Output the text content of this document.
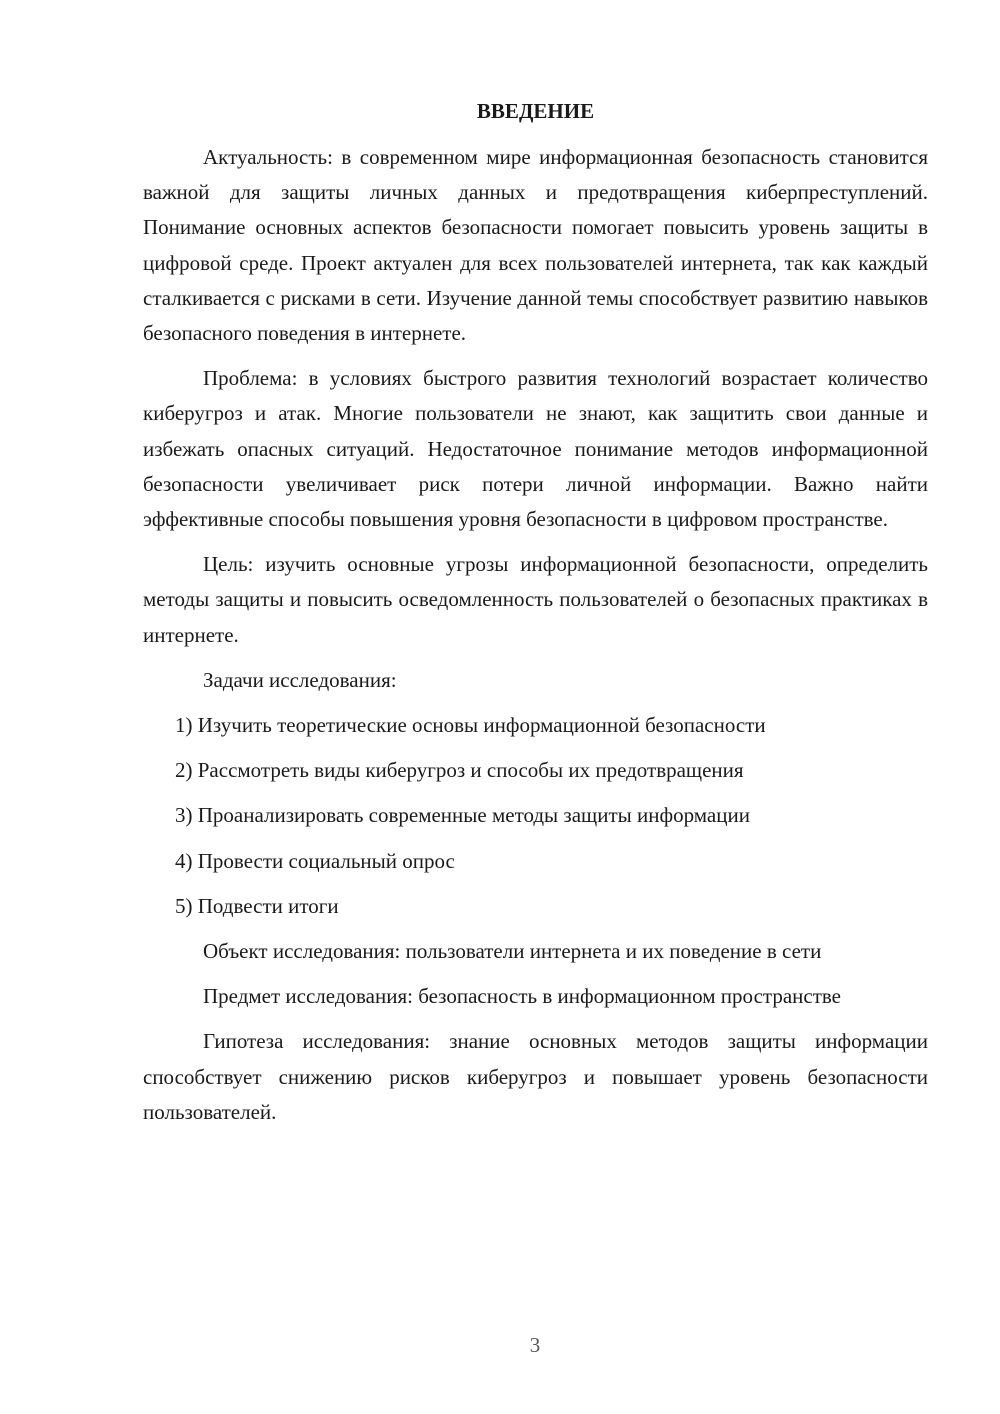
ВВЕДЕНИЕ

Актуальность: в современном мире информационная безопасность становится важной для защиты личных данных и предотвращения киберпреступлений. Понимание основных аспектов безопасности помогает повысить уровень защиты в цифровой среде. Проект актуален для всех пользователей интернета, так как каждый сталкивается с рисками в сети. Изучение данной темы способствует развитию навыков безопасного поведения в интернете.

Проблема: в условиях быстрого развития технологий возрастает количество киберугроз и атак. Многие пользователи не знают, как защитить свои данные и избежать опасных ситуаций. Недостаточное понимание методов информационной безопасности увеличивает риск потери личной информации. Важно найти эффективные способы повышения уровня безопасности в цифровом пространстве.

Цель: изучить основные угрозы информационной безопасности, определить методы защиты и повысить осведомленность пользователей о безопасных практиках в интернете.

Задачи исследования:

1) Изучить теоретические основы информационной безопасности
2) Рассмотреть виды киберугроз и способы их предотвращения
3) Проанализировать современные методы защиты информации
4) Провести социальный опрос
5) Подвести итоги

Объект исследования: пользователи интернета и их поведение в сети

Предмет исследования: безопасность в информационном пространстве

Гипотеза исследования: знание основных методов защиты информации способствует снижению рисков киберугроз и повышает уровень безопасности пользователей.

3
